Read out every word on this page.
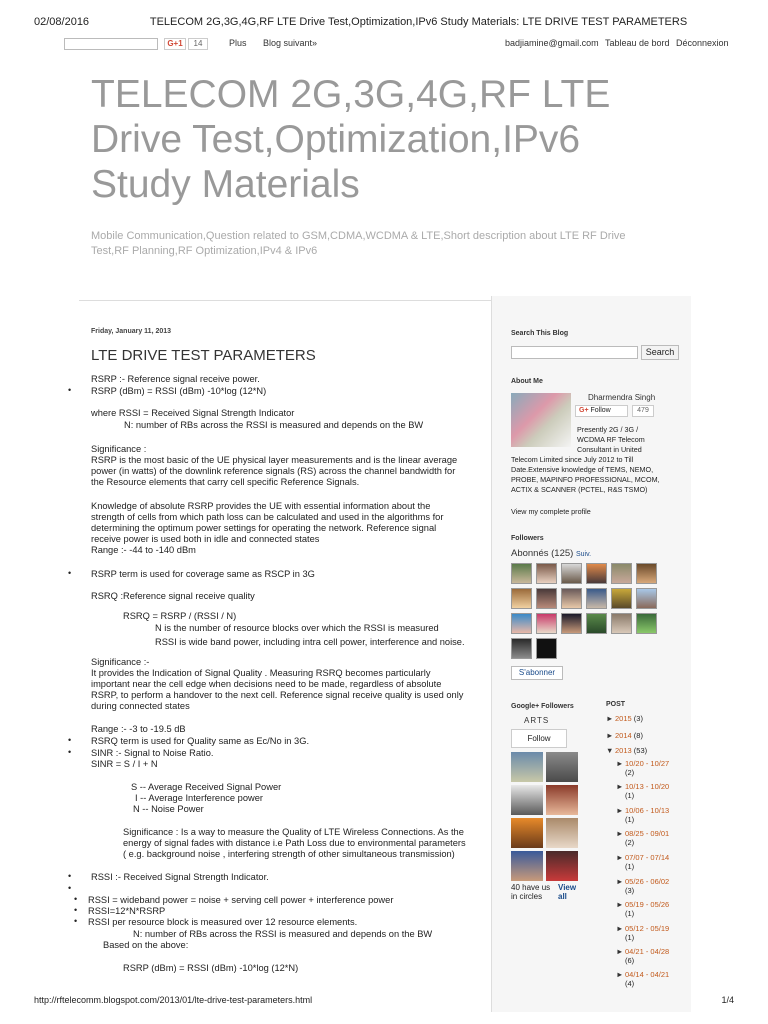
02/08/2016	TELECOM 2G,3G,4G,RF LTE Drive Test,Optimization,IPv6 Study Materials: LTE DRIVE TEST PARAMETERS
G+1	14	Plus Blog suivant»	badjiamine@gmail.com Tableau de bord Déconnexion
TELECOM 2G,3G,4G,RF LTE
Drive Test,Optimization,IPv6
Study Materials
Mobile Communication,Question related to GSM,CDMA,WCDMA & LTE,Short description about LTE RF Drive
Test,RF Planning,RF Optimization,IPv4 & IPv6
Friday, January 11, 2013
LTE DRIVE TEST PARAMETERS
RSRP :- Reference signal receive power.
• RSRP (dBm) = RSSI (dBm) -10*log (12*N)
where RSSI = Received Signal Strength Indicator
N: number of RBs across the RSSI is measured and depends on the BW
Significance :
RSRP is the most basic of the UE physical layer measurements and is the linear average
power (in watts) of the downlink reference signals (RS) across the channel bandwidth for
the Resource elements that carry cell specific Reference Signals.
Knowledge of absolute RSRP provides the UE with essential information about the
strength of cells from which path loss can be calculated and used in the algorithms for
determining the optimum power settings for operating the network. Reference signal
receive power is used both in idle and connected states
Range :- -44 to -140 dBm
• RSRP term is used for coverage same as RSCP in 3G
RSRQ :Reference signal receive quality
RSRQ = RSRP / (RSSI / N)
N is the number of resource blocks over which the RSSI is measured
RSSI is wide band power, including intra cell power, interference and noise.
Significance :-
It provides the Indication of Signal Quality . Measuring RSRQ becomes particularly
important near the cell edge when decisions need to be made, regardless of absolute
RSRP, to perform a handover to the next cell. Reference signal receive quality is used only
during connected states
Range :- -3 to -19.5 dB
• RSRQ term is used for Quality same as Ec/No in 3G.
• SINR :- Signal to Noise Ratio.
SINR = S / I + N
S -- Average Received Signal Power
I -- Average Interference power
N -- Noise Power
Significance : Is a way to measure the Quality of LTE Wireless Connections. As the
energy of signal fades with distance i.e Path Loss due to environmental parameters
( e.g. background noise , interfering strength of other simultaneous transmission)
• RSSI :- Received Signal Strength Indicator.
•
• RSSI = wideband power = noise + serving cell power + interference power
• RSSI=12*N*RSRP
• RSSI per resource block is measured over 12 resource elements.
N: number of RBs across the RSSI is measured and depends on the BW
Based on the above:
RSRP (dBm) = RSSI (dBm) -10*log (12*N)
Search This Blog
Search
About Me
Dharmendra Singh
G+ Follow	479
Presently 2G / 3G /
WCDMA RF Telecom
Consultant in United
Telecom Limited since July 2012 to Till
Date.Extensive knowledge of TEMS, NEMO,
PROBE, MAPINFO PROFESSIONAL, MCOM,
ACTIX & SCANNER (PCTEL, R&S TSMO)
View my complete profile
Followers
Abonnés (125) Suiv.
S'abonner
Google+ Followers
ARTS
Follow
40 have us in circles
View all
POST
► 2015 (3)
► 2014 (8)
▼ 2013 (53)
► 10/20 - 10/27
(2)
► 10/13 - 10/20
(1)
► 10/06 - 10/13
(1)
► 08/25 - 09/01
(2)
► 07/07 - 07/14
(1)
► 05/26 - 06/02
(3)
► 05/19 - 05/26
(1)
► 05/12 - 05/19
(1)
► 04/21 - 04/28
(6)
► 04/14 - 04/21
(4)
http://rftelecomm.blogspot.com/2013/01/lte-drive-test-parameters.html	1/4
